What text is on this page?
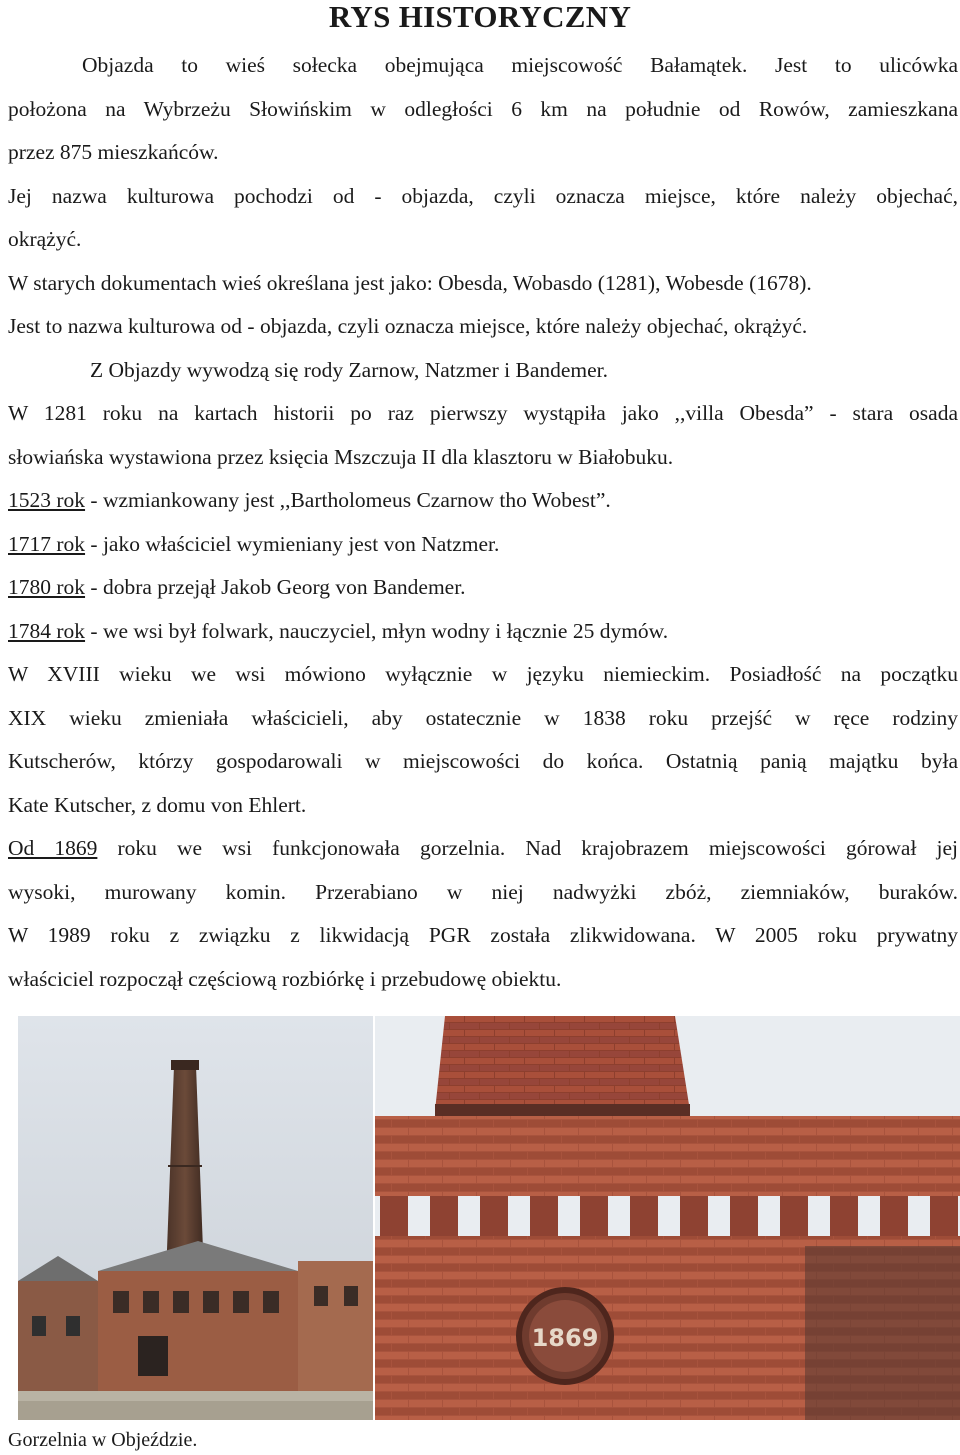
RYS HISTORYCZNY
Objazda to wieś sołecka obejmująca miejscowość Bałamątek. Jest to ulicówka
położona na Wybrzeżu Słowińskim w odległości 6 km na południe od Rowów, zamieszkana
przez 875 mieszkańców.
Jej nazwa kulturowa pochodzi od - objazda, czyli oznacza miejsce, które należy objechać,
okrążyć.
W starych dokumentach wieś określana jest jako: Obesda, Wobasdo (1281), Wobesde (1678).
Jest to nazwa kulturowa od - objazda, czyli oznacza miejsce, które należy objechać, okrążyć.
Z Objazdy wywodzą się rody Zarnow, Natzmer i Bandemer.
W 1281 roku na kartach historii po raz pierwszy wystąpiła jako ,,villa Obesda” - stara osada
słowiańska wystawiona przez księcia Mszczuja II dla klasztoru w Białobuku.
1523 rok - wzmiankowany jest ,,Bartholomeus Czarnow tho Wobest”.
1717 rok - jako właściciel wymieniany jest von Natzmer.
1780 rok - dobra przejął Jakob Georg von Bandemer.
1784 rok - we wsi był folwark, nauczyciel, młyn wodny i łącznie 25 dymów.
W XVIII wieku we wsi mówiono wyłącznie w języku niemieckim. Posiadłość na początku
XIX wieku zmieniała właścicieli, aby ostatecznie w 1838 roku przejść w ręce rodziny
Kutscherów, którzy gospodarowali w miejscowości do końca. Ostatnią panią majątku była
Kate Kutscher, z domu von Ehlert.
Od 1869 roku we wsi funkcjonowała gorzelnia. Nad krajobrazem miejscowości górował jej
wysoki, murowany komin. Przerabiano w niej nadwyżki zbóż, ziemniaków, buraków.
W 1989 roku z związku z likwidacją PGR została zlikwidowana. W 2005 roku prywatny
właściciel rozpoczął częściową rozbiórkę i przebudowę obiektu.
1869
Gorzelnia w Objeździe.
